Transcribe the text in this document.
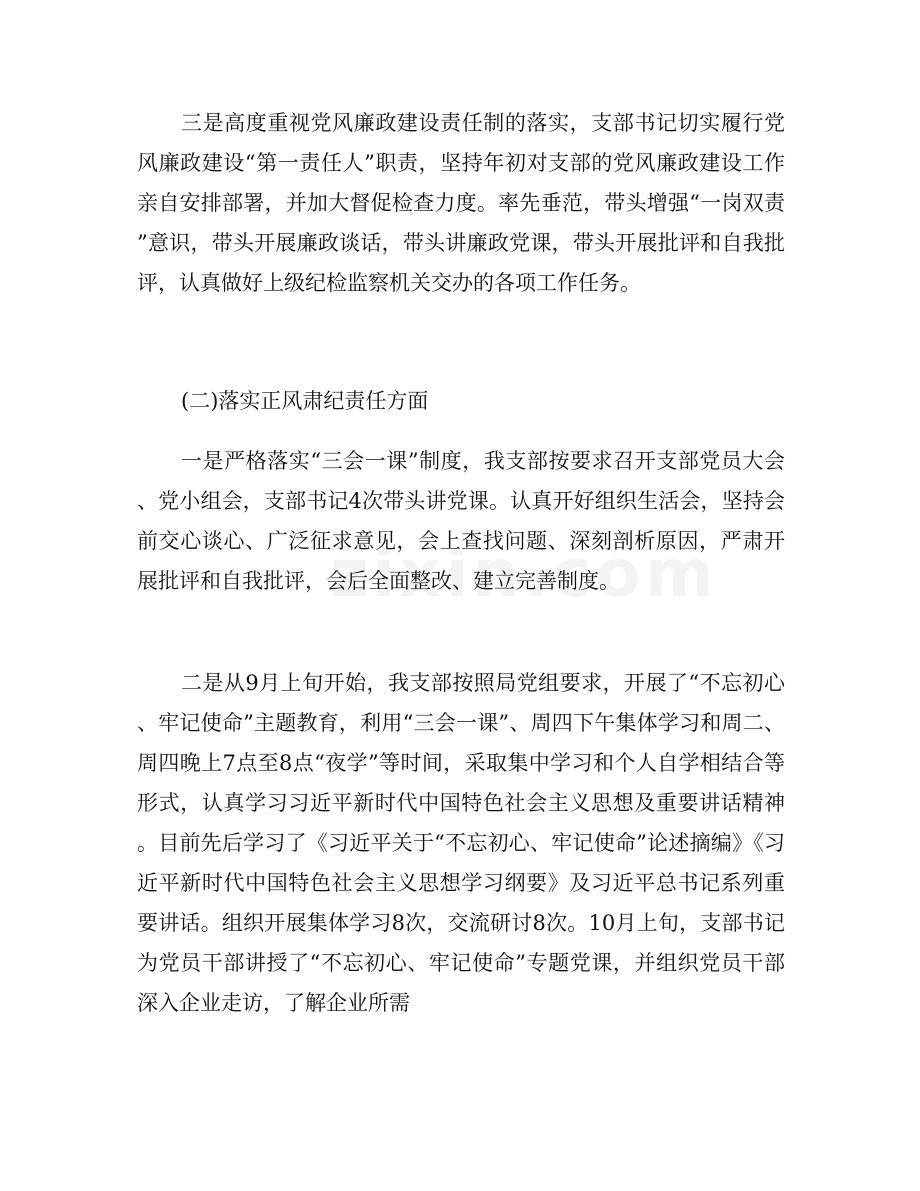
三是高度重视党风廉政建设责任制的落实，支部书记切实履行党风廉政建设“第一责任人”职责，坚持年初对支部的党风廉政建设工作亲自安排部署，并加大督促检查力度。率先垂范，带头增强“一岗双责”意识，带头开展廉政谈话，带头讲廉政党课，带头开展批评和自我批评，认真做好上级纪检监察机关交办的各项工作任务。

(二)落实正风肃纪责任方面

一是严格落实“三会一课”制度，我支部按要求召开支部党员大会、党小组会，支部书记4次带头讲党课。认真开好组织生活会，坚持会前交心谈心、广泛征求意见，会上查找问题、深刻剖析原因，严肃开展批评和自我批评，会后全面整改、建立完善制度。

二是从9月上旬开始，我支部按照局党组要求，开展了“不忘初心、牢记使命”主题教育，利用“三会一课”、周四下午集体学习和周二、周四晚上7点至8点“夜学”等时间，采取集中学习和个人自学相结合等形式，认真学习习近平新时代中国特色社会主义思想及重要讲话精神。目前先后学习了《习近平关于“不忘初心、牢记使命”论述摘编》《习近平新时代中国特色社会主义思想学习纲要》及习近平总书记系列重要讲话。组织开展集体学习8次，交流研讨8次。10月上旬，支部书记为党员干部讲授了“不忘初心、牢记使命”专题党课，并组织党员干部深入企业走访，了解企业所需
